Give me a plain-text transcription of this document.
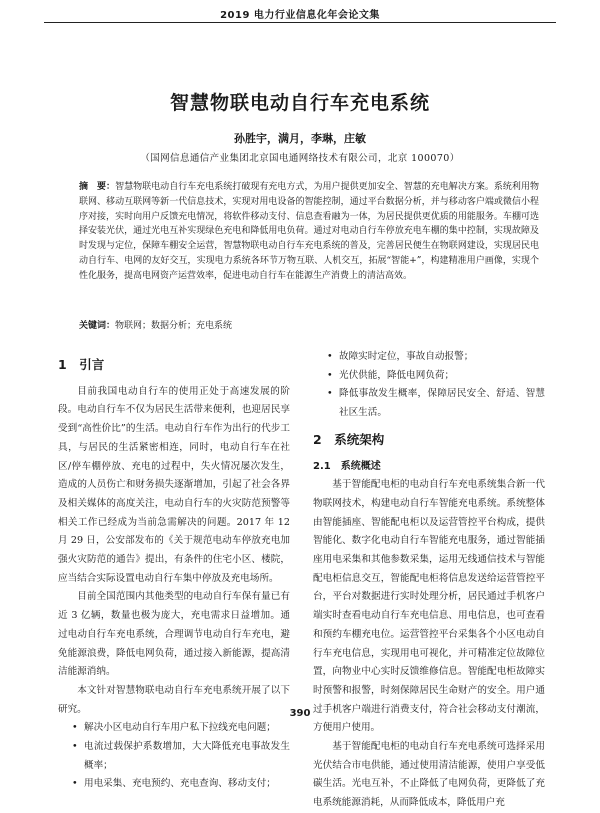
2019 电力行业信息化年会论文集
智慧物联电动自行车充电系统
孙胜宇，满月，李琳，庄敏
（国网信息通信产业集团北京国电通网络技术有限公司，北京 100070）
摘　要：智慧物联电动自行车充电系统打破现有充电方式，为用户提供更加安全、智慧的充电解决方案。系统利用物联网、移动互联网等新一代信息技术，实现对用电设备的智能控制，通过平台数据分析，并与移动客户端或微信小程序对接，实时向用户反馈充电情况，将软件移动支付、信息查看融为一体，为居民提供更优质的用能服务。车棚可选择安装光伏，通过光电互补实现绿色充电和降低用电负荷。通过对电动自行车停放充电车棚的集中控制，实现故障及时发现与定位，保障车棚安全运营，智慧物联电动自行车充电系统的普及，完善居民便生在物联网建设，实现居民电动自行车、电网的友好交互，实现电力系统各环节万物互联、人机交互，拓展“智能+”，构建精准用户画像，实现个性化服务，提高电网资产运营效率，促进电动自行车在能源生产消费上的清洁高效。
关键词：物联网；数据分析；充电系统
1　引言

目前我国电动自行车的使用正处于高速发展的阶段。电动自行车不仅为居民生活带来便利，也迎居民享受到“高性价比”的生活。电动自行车作为出行的代步工具，与居民的生活紧密相连，同时，电动自行车在社区/停车棚停放、充电的过程中，失火情况屡次发生，造成的人员伤亡和财务损失逐渐增加，引起了社会各界及相关媒体的高度关注，电动自行车的火灾防范预警等相关工作已经成为当前急需解决的问题。2017 年 12 月 29 日，公安部发布的《关于规范电动车停放充电加强火灾防范的通告》提出，有条件的住宅小区、楼院，应当结合实际设置电动自行车集中停放及充电场所。

目前全国范围内其他类型的电动自行车保有量已有近 3 亿辆，数量也极为庞大，充电需求日益增加。通过电动自行车充电系统，合理调节电动自行车充电，避免能源浪费，降低电网负荷，通过接入新能源，提高清洁能源消纳。

本文针对智慧物联电动自行车充电系统开展了以下研究。

• 解决小区电动自行车用户私下拉线充电问题；
• 电流过载保护系数增加，大大降低充电事故发生概率；
• 用电采集、充电预约、充电查询、移动支付；
• 故障实时定位，事故自动报警；
• 光伏供能，降低电网负荷；
• 降低事故发生概率，保障居民安全、舒适、智慧社区生活。
2　系统架构
2.1　系统概述

基于智能配电柜的电动自行车充电系统集合新一代物联网技术，构建电动自行车智能充电系统。系统整体由智能插座、智能配电柜以及运营管控平台构成，提供智能化、数字化电动自行车智能充电服务，通过智能插座用电采集和其他参数采集，运用无线通信技术与智能配电柜信息交互，智能配电柜将信息发送给运营管控平台，平台对数据进行实时处理分析，居民通过手机客户端实时查看电动自行车充电信息、用电信息，也可查看和预约车棚充电位。运营管控平台采集各个小区电动自行车充电信息，实现用电可视化，并可精准定位故障位置，向物业中心实时反馈维修信息。智能配电柜故障实时预警和报警，时刻保障居民生命财产的安全。用户通过手机客户端进行消费支付，符合社会移动支付潮流，方便用户使用。

基于智能配电柜的电动自行车充电系统可选择采用光伏结合市电供能，通过使用清洁能源，使用户享受低碳生活。光电互补，不止降低了电网负荷，更降低了充电系统能源消耗，从而降低成本，降低用户充

390
